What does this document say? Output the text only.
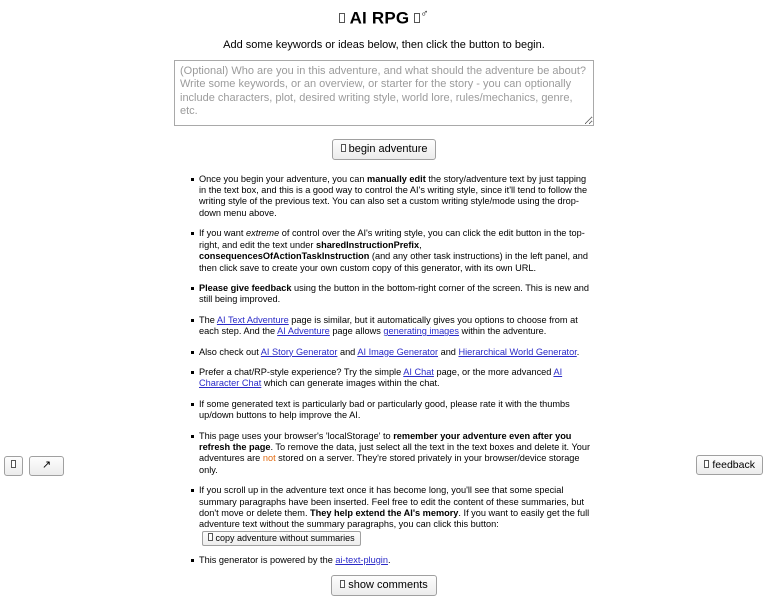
AI RPG ♂

Add some keywords or ideas below, then click the button to begin.

(Optional) Who are you in this adventure, and what should the adventure be about? Write some keywords, or an overview, or starter for the story - you can optionally include characters, plot, desired writing style, world lore, rules/mechanics, genre, etc.
begin adventure
Once you begin your adventure, you can manually edit the story/adventure text by just tapping in the text box, and this is a good way to control the AI's writing style, since it'll tend to follow the writing style of the previous text. You can also set a custom writing style/mode using the drop-down menu above.
If you want extreme of control over the AI's writing style, you can click the edit button in the top-right, and edit the text under sharedInstructionPrefix, consequencesOfActionTaskInstruction (and any other task instructions) in the left panel, and then click save to create your own custom copy of this generator, with its own URL.
Please give feedback using the button in the bottom-right corner of the screen. This is new and still being improved.
The AI Text Adventure page is similar, but it automatically gives you options to choose from at each step. And the AI Adventure page allows generating images within the adventure.
Also check out AI Story Generator and AI Image Generator and Hierarchical World Generator.
Prefer a chat/RP-style experience? Try the simple AI Chat page, or the more advanced AI Character Chat which can generate images within the chat.
If some generated text is particularly bad or particularly good, please rate it with the thumbs up/down buttons to help improve the AI.
This page uses your browser's 'localStorage' to remember your adventure even after you refresh the page. To remove the data, just select all the text in the text boxes and delete it. Your adventures are not stored on a server. They're stored privately in your browser/device storage only.
If you scroll up in the adventure text once it has become long, you'll see that some special summary paragraphs have been inserted. Feel free to edit the content of these summaries, but don't move or delete them. They help extend the AI's memory. If you want to easily get the full adventure text without the summary paragraphs, you can click this button: copy adventure without summaries
This generator is powered by the ai-text-plugin.
show comments
↖	feedback
